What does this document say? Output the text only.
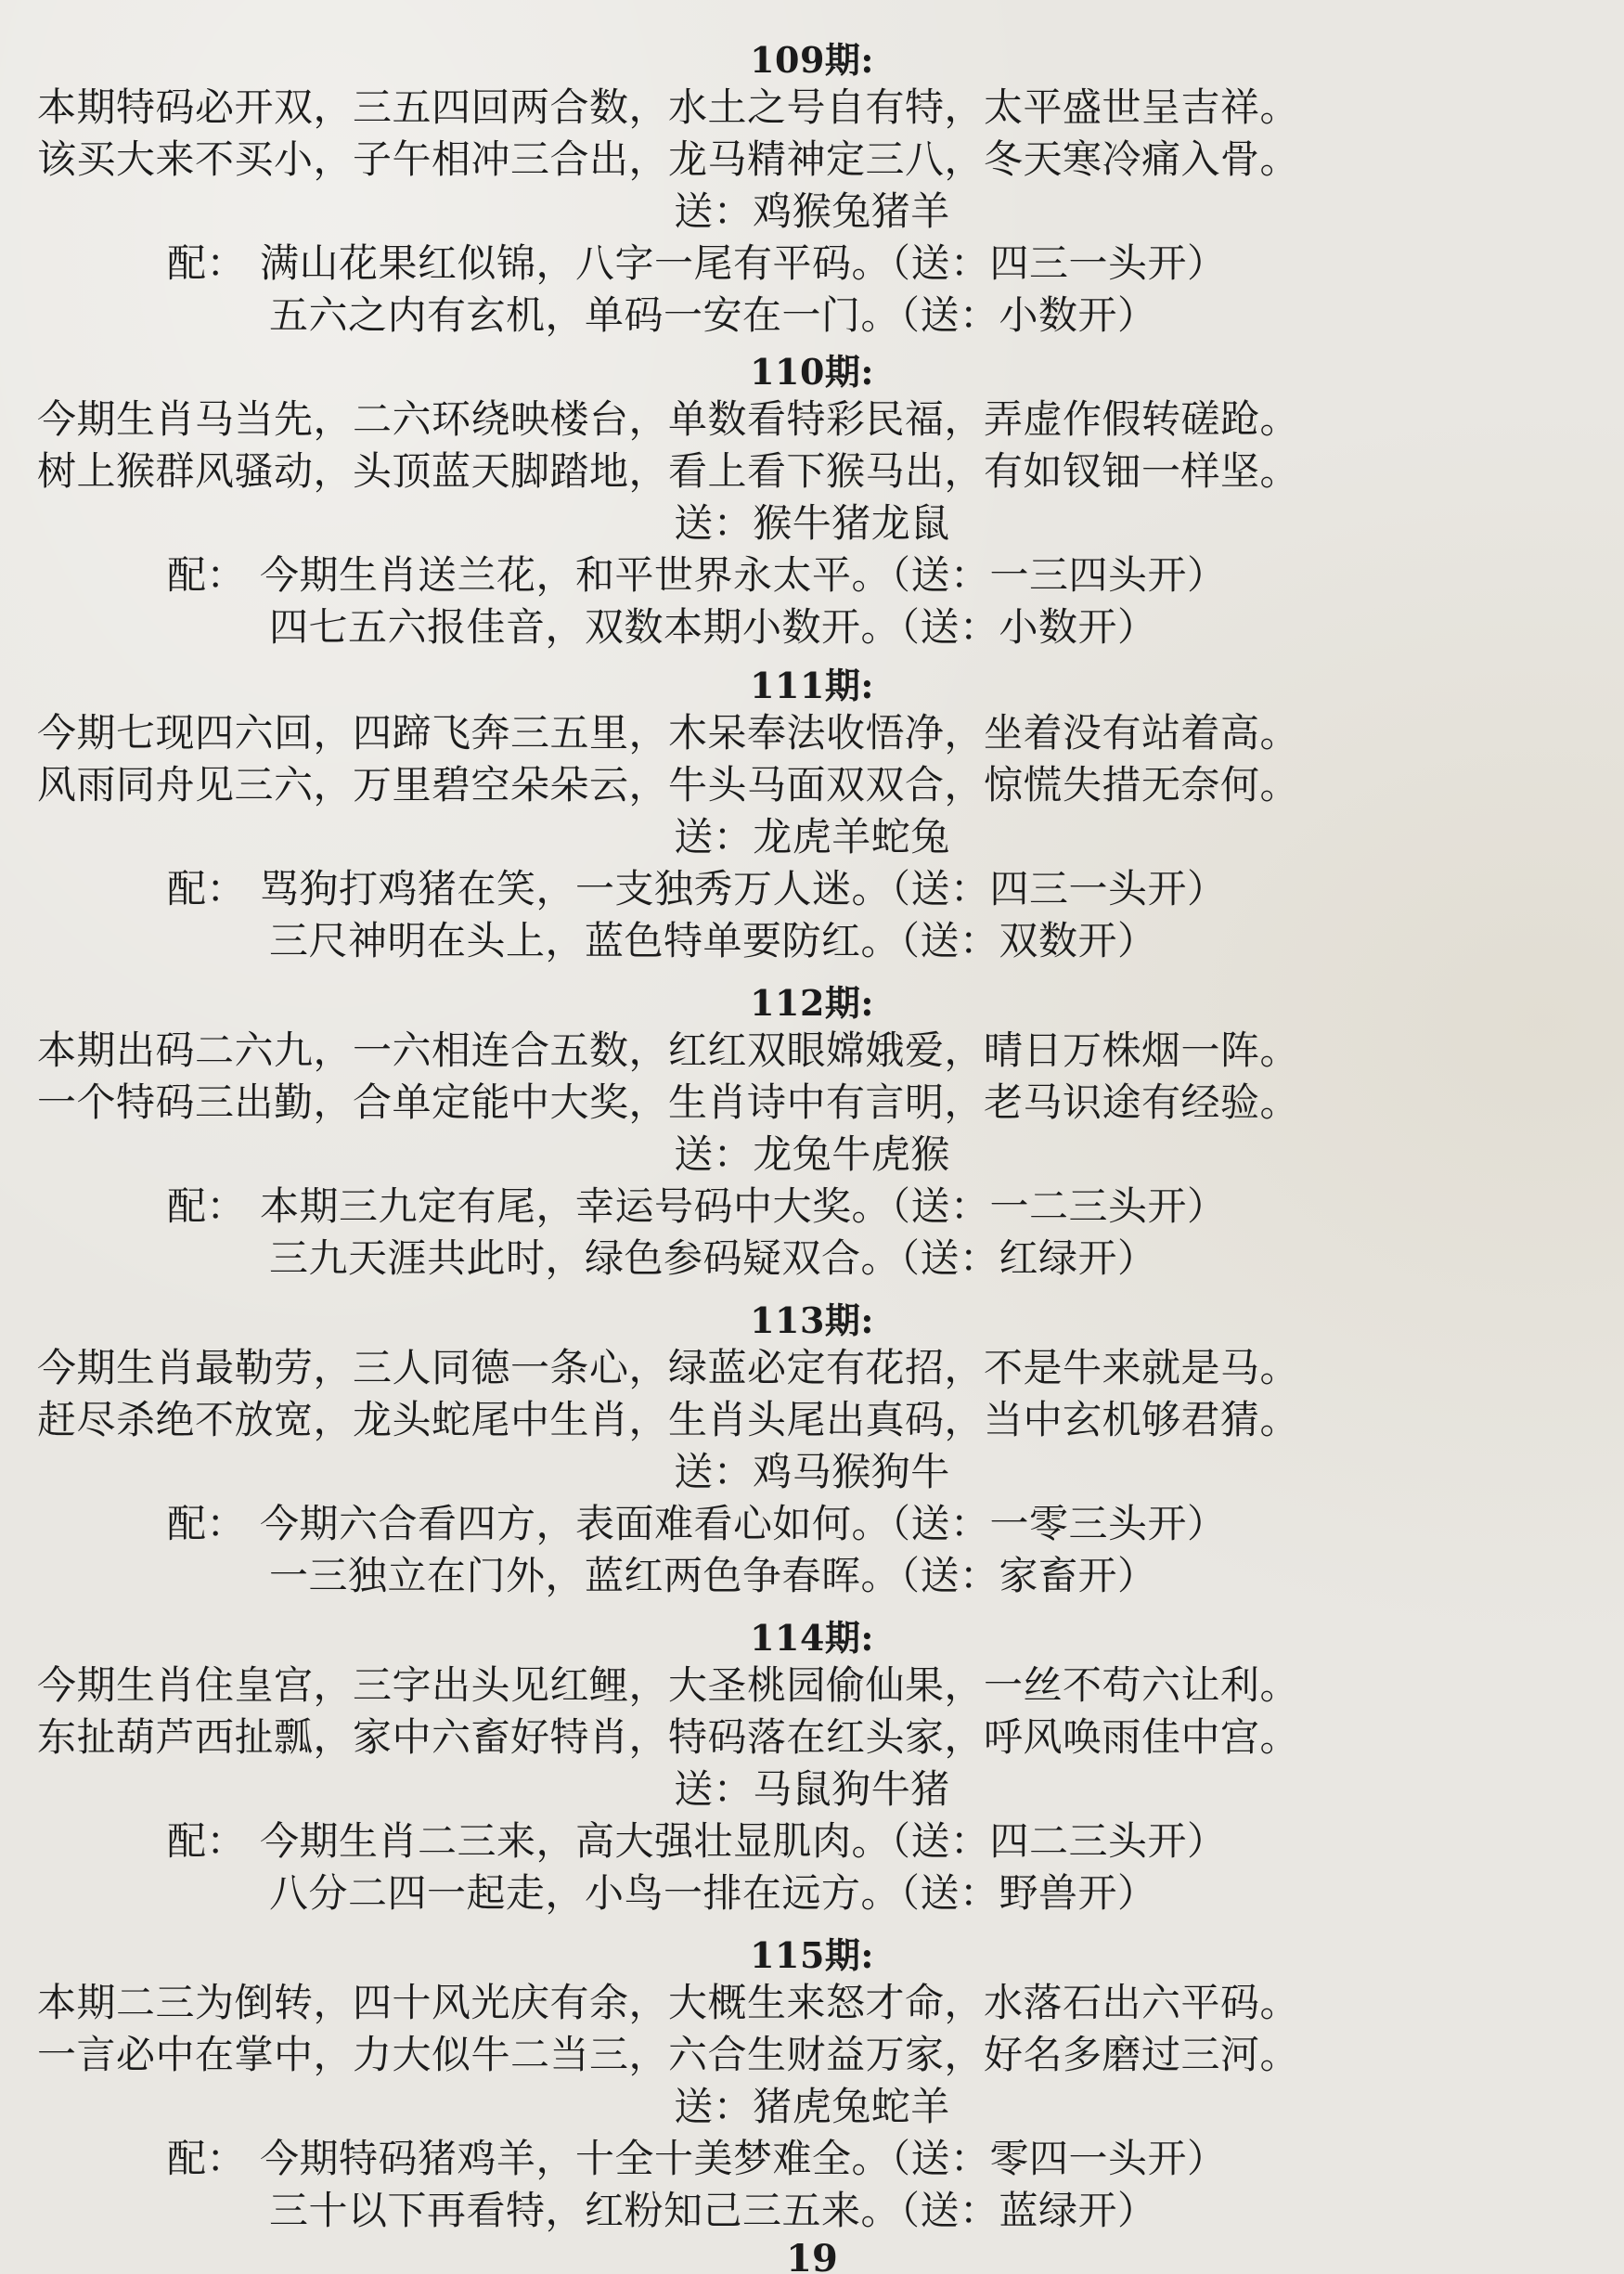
109期:
本期特码必开双，三五四回两合数，水土之号自有特，太平盛世呈吉祥。
该买大来不买小，子午相冲三合出，龙马精神定三八，冬天寒冷痛入骨。
送：鸡猴兔猪羊
配： 满山花果红似锦，八字一尾有平码。（送：四三一头开）
五六之内有玄机，单码一安在一门。（送：小数开）
110期:
今期生肖马当先，二六环绕映楼台，单数看特彩民福，弄虚作假转磋跄。
树上猴群风骚动，头顶蓝天脚踏地，看上看下猴马出，有如钗钿一样坚。
送：猴牛猪龙鼠
配： 今期生肖送兰花，和平世界永太平。（送：一三四头开）
四七五六报佳音，双数本期小数开。（送：小数开）
111期:
今期七现四六回，四蹄飞奔三五里，木呆奉法收悟净，坐着没有站着高。
风雨同舟见三六，万里碧空朵朵云，牛头马面双双合，惊慌失措无奈何。
送：龙虎羊蛇兔
配： 骂狗打鸡猪在笑，一支独秀万人迷。（送：四三一头开）
三尺神明在头上，蓝色特单要防红。（送：双数开）
112期:
本期出码二六九，一六相连合五数，红红双眼嫦娥爱，晴日万株烟一阵。
一个特码三出勤，合单定能中大奖，生肖诗中有言明，老马识途有经验。
送：龙兔牛虎猴
配： 本期三九定有尾，幸运号码中大奖。（送：一二三头开）
三九天涯共此时，绿色参码疑双合。（送：红绿开）
113期:
今期生肖最勒劳，三人同德一条心，绿蓝必定有花招，不是牛来就是马。
赶尽杀绝不放宽，龙头蛇尾中生肖，生肖头尾出真码，当中玄机够君猜。
送：鸡马猴狗牛
配： 今期六合看四方，表面难看心如何。（送：一零三头开）
一三独立在门外，蓝红两色争春晖。（送：家畜开）
114期:
今期生肖住皇宫，三字出头见红鲤，大圣桃园偷仙果，一丝不苟六让利。
东扯葫芦西扯瓢，家中六畜好特肖，特码落在红头家，呼风唤雨佳中宫。
送：马鼠狗牛猪
配： 今期生肖二三来，高大强壮显肌肉。（送：四二三头开）
八分二四一起走，小鸟一排在远方。（送：野兽开）
115期:
本期二三为倒转，四十风光庆有余，大概生来怒才命，水落石出六平码。
一言必中在掌中，力大似牛二当三，六合生财益万家，好名多磨过三河。
送：猪虎兔蛇羊
配： 今期特码猪鸡羊，十全十美梦难全。（送：零四一头开）
三十以下再看特，红粉知己三五来。（送：蓝绿开）
19
